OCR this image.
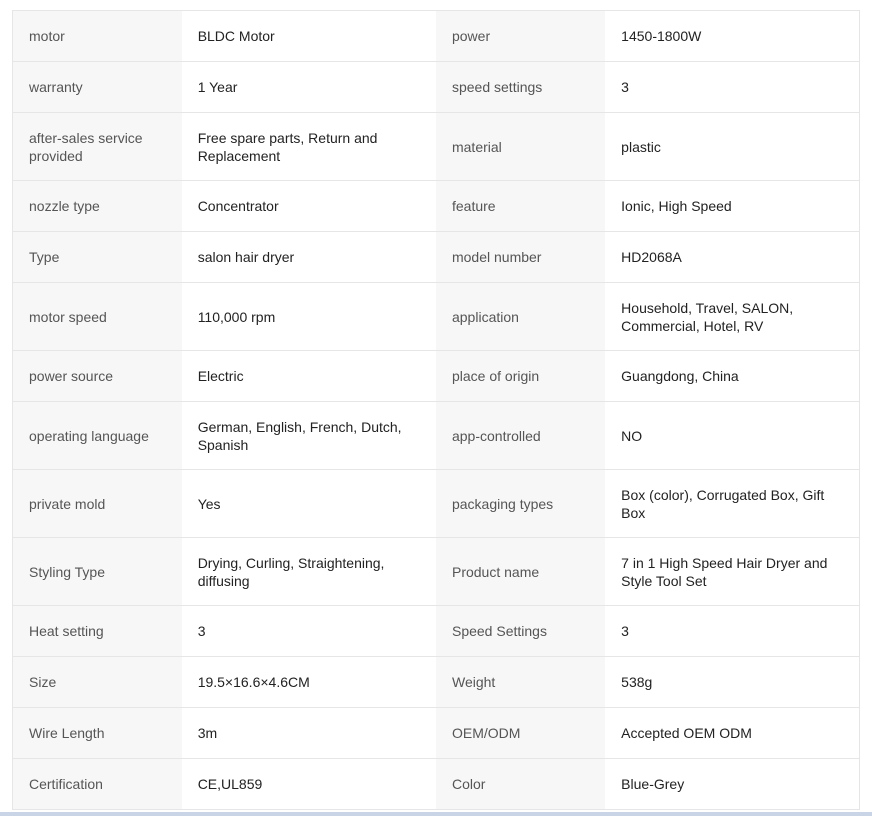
motor	BLDC Motor	power	1450-1800W
warranty	1 Year	speed settings	3
after-sales service provided	Free spare parts, Return and Replacement	material	plastic
nozzle type	Concentrator	feature	Ionic, High Speed
Type	salon hair dryer	model number	HD2068A
motor speed	110,000 rpm	application	Household, Travel, SALON, Commercial, Hotel, RV
power source	Electric	place of origin	Guangdong, China
operating language	German, English, French, Dutch, Spanish	app-controlled	NO
private mold	Yes	packaging types	Box (color), Corrugated Box, Gift Box
Styling Type	Drying, Curling, Straightening, diffusing	Product name	7 in 1 High Speed Hair Dryer and Style Tool Set
Heat setting	3	Speed Settings	3
Size	19.5×16.6×4.6CM	Weight	538g
Wire Length	3m	OEM/ODM	Accepted OEM ODM
Certification	CE,UL859	Color	Blue-Grey
